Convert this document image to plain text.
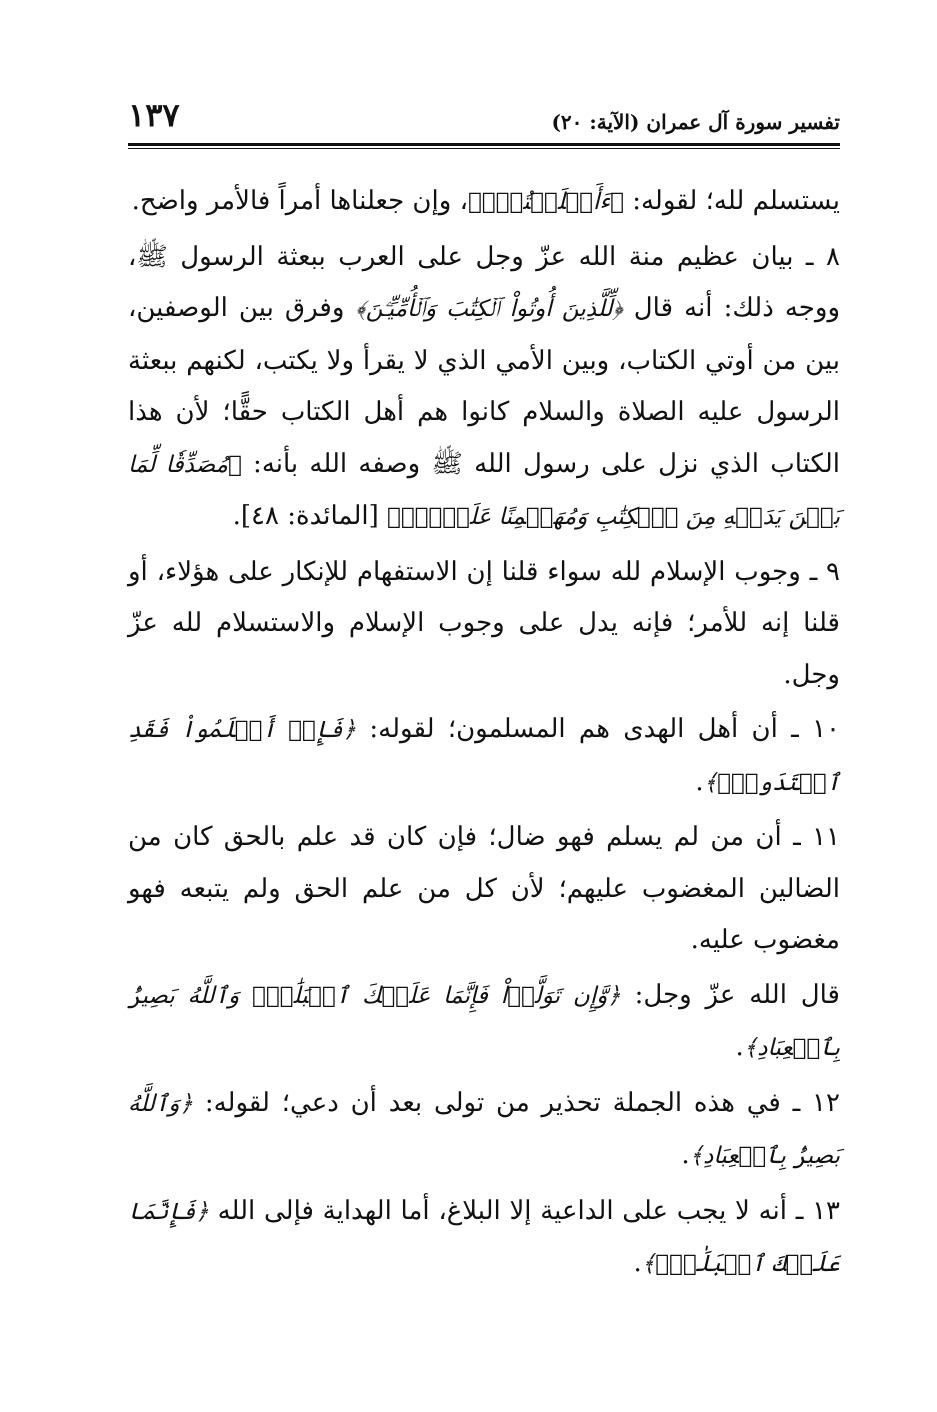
تفسير سورة آل عمران (الآية: ٢٠)
١٣٧

يستسلم لله؛ لقوله: ﴿ءَأَسۡلَمۡتُمۡۚ﴾، وإن جعلناها أمراً فالأمر واضح.

٨ ـ بيان عظيم منة الله عزّ وجل على العرب ببعثة الرسول ﷺ، ووجه ذلك: أنه قال ﴿لِّلَّذِينَ أُوتُواْ ٱلۡكِتَٰبَ وَٱلۡأُمِّيِّـۧنَ﴾ وفرق بين الوصفين، بين من أوتي الكتاب، وبين الأمي الذي لا يقرأ ولا يكتب، لكنهم ببعثة الرسول عليه الصلاة والسلام كانوا هم أهل الكتاب حقًّا؛ لأن هذا الكتاب الذي نزل على رسول الله ﷺ وصفه الله بأنه: ﴿مُصَدِّقٗا لِّمَا بَيۡنَ يَدَيۡهِ مِنَ ٱلۡكِتَٰبِ وَمُهَيۡمِنًا عَلَيۡهِۖ﴾ [المائدة: ٤٨].

٩ ـ وجوب الإسلام لله سواء قلنا إن الاستفهام للإنكار على هؤلاء، أو قلنا إنه للأمر؛ فإنه يدل على وجوب الإسلام والاستسلام لله عزّ وجل.

١٠ ـ أن أهل الهدى هم المسلمون؛ لقوله: ﴿فَإِنۡ أَسۡلَمُواْ فَقَدِ ٱهۡتَدَواْۖ﴾.

١١ ـ أن من لم يسلم فهو ضال؛ فإن كان قد علم بالحق كان من الضالين المغضوب عليهم؛ لأن كل من علم الحق ولم يتبعه فهو مغضوب عليه.

قال الله عزّ وجل: ﴿وَّإِن تَوَلَّوۡاْ فَإِنَّمَا عَلَيۡكَ ٱلۡبَلَٰغُۗ وَٱللَّهُ بَصِيرُۢ بِٱلۡعِبَادِ﴾.

١٢ ـ في هذه الجملة تحذير من تولى بعد أن دعي؛ لقوله: ﴿وَٱللَّهُ بَصِيرُۢ بِٱلۡعِبَادِ﴾.

١٣ ـ أنه لا يجب على الداعية إلا البلاغ، أما الهداية فإلى الله ﴿فَإِنَّمَا عَلَيۡكَ ٱلۡبَلَٰغُۗ﴾.
